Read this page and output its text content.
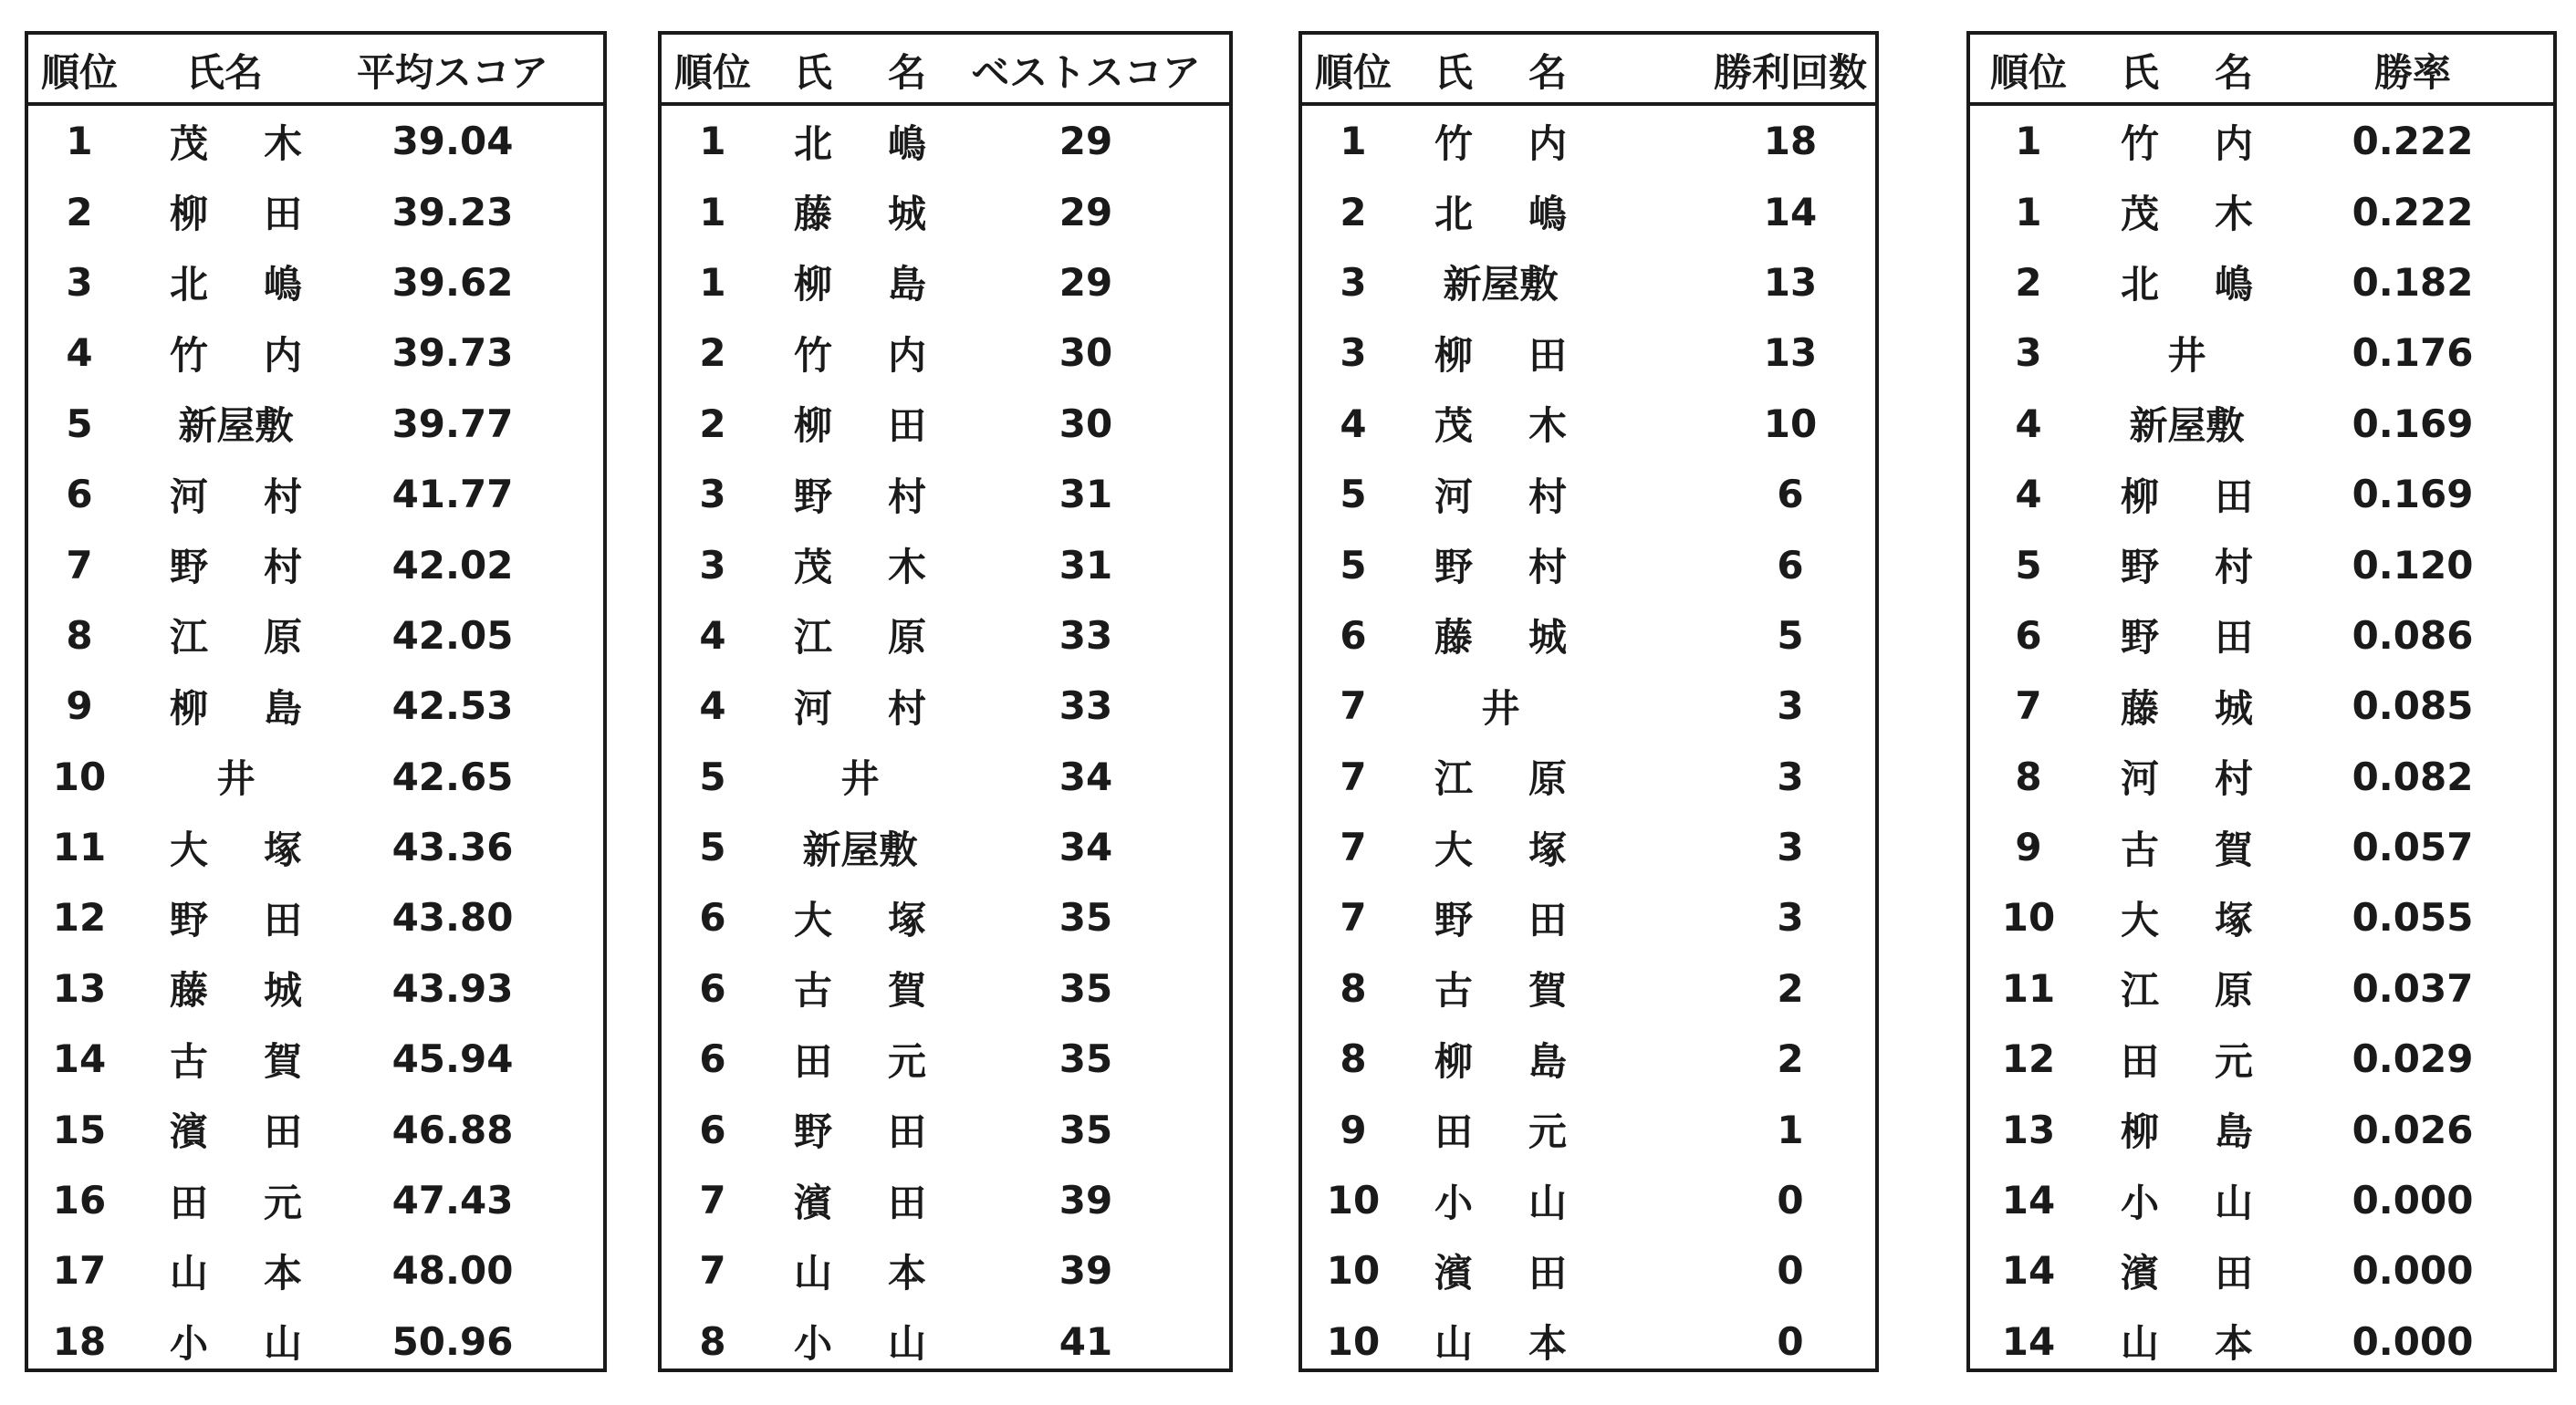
順位	氏名 平均スコア
1	茂 木	39.04
2	柳 田	39.23
3	北 嶋	39.62
4	竹 内	39.73
5	新屋敷	39.77
6	河 村	41.77
7	野 村	42.02
8	江 原	42.05
9	柳 島	42.53
10	井	42.65
11	大 塚	43.36
12	野 田	43.80
13	藤 城	43.93
14	古 賀	45.94
15	濱 田	46.88
16	田 元	47.43
17	山 本	48.00
18	小 山	50.96
順位	氏 名 ベストスコア
1	北 嶋	29
1	藤 城	29
1	柳 島	29
2	竹 内	30
2	柳 田	30
3	野 村	31
3	茂 木	31
4	江 原	33
4	河 村	33
5	井	34
5	新屋敷	34
6	大 塚	35
6	古 賀	35
6	田 元	35
6	野 田	35
7	濱 田	39
7	山 本	39
8	小 山	41
順位	氏 名	勝利回数
1	竹 内	18
2	北 嶋	14
3	新屋敷	13
3	柳 田	13
4	茂 木	10
5	河 村	6
5	野 村	6
6	藤 城	5
7	井	3
7	江 原	3
7	大 塚	3
7	野 田	3
8	古 賀	2
8	柳 島	2
9	田 元	1
10	小 山	0
10	濱 田	0
10	山 本	0
順位	氏 名	勝率
1	竹 内	0.222
1	茂 木	0.222
2	北 嶋	0.182
3	井	0.176
4	新屋敷	0.169
4	柳 田	0.169
5	野 村	0.120
6	野 田	0.086
7	藤 城	0.085
8	河 村	0.082
9	古 賀	0.057
10	大 塚	0.055
11	江 原	0.037
12	田 元	0.029
13	柳 島	0.026
14	小 山	0.000
14	濱 田	0.000
14	山 本	0.000
